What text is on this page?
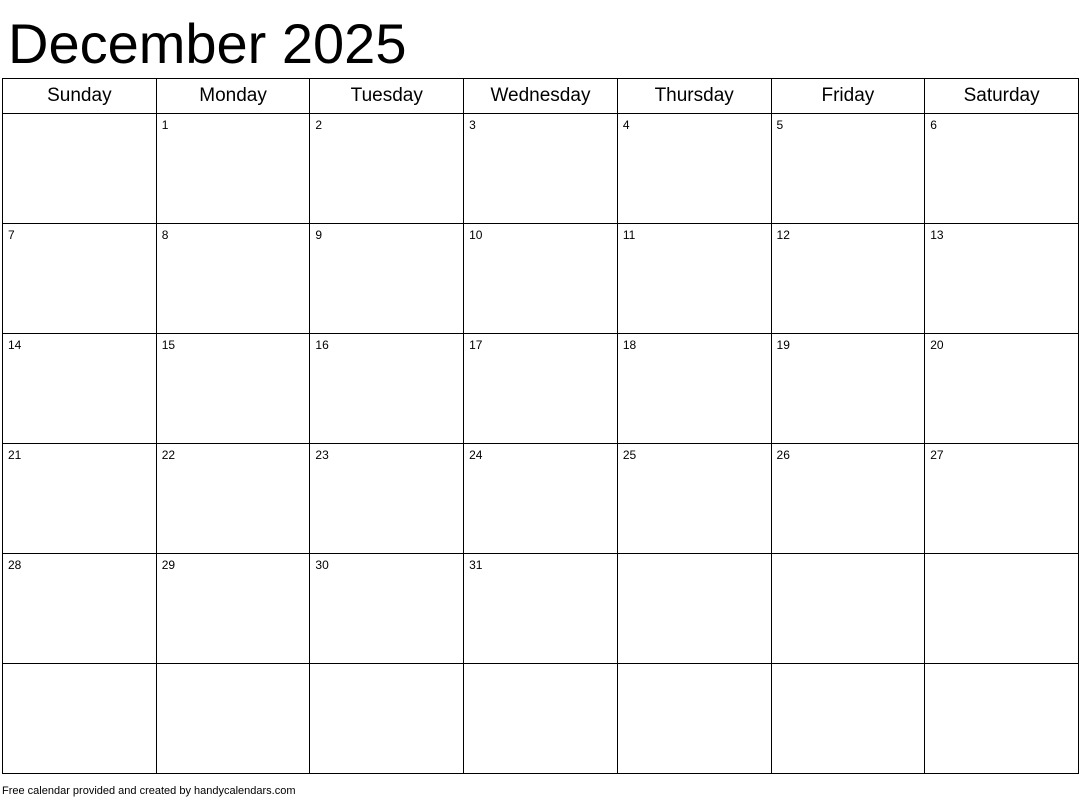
December 2025
Sunday	Monday	Tuesday	Wednesday	Thursday	Friday	Saturday

	1	2	3	4	5	6

7	8	9	10	11	12	13

14	15	16	17	18	19	20

21	22	23	24	25	26	27

28	29	30	31			

Free calendar provided and created by handycalendars.com
